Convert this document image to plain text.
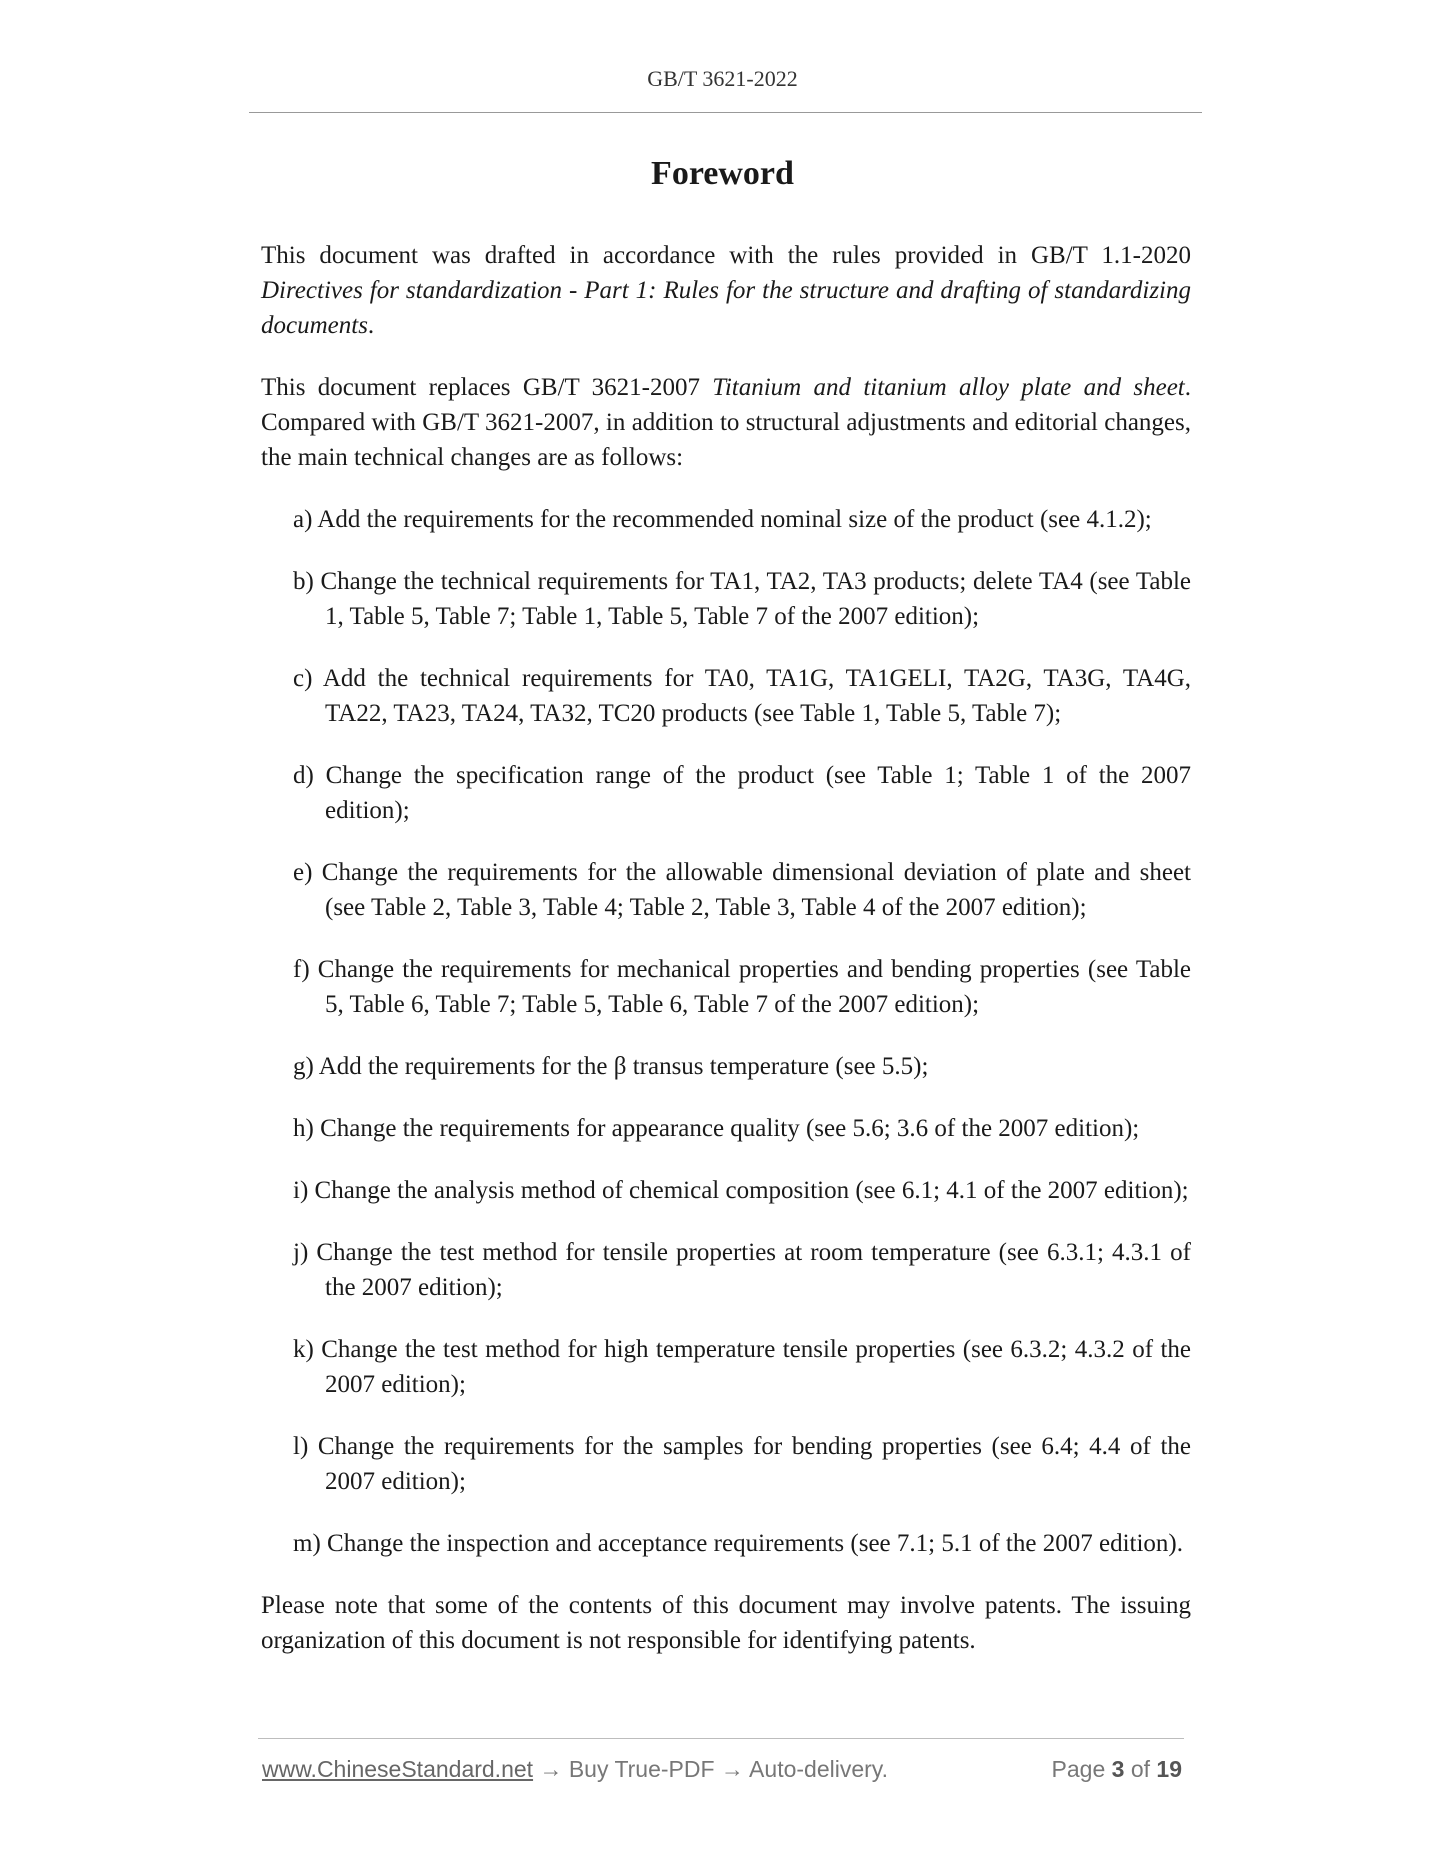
GB/T 3621-2022
Foreword

This document was drafted in accordance with the rules provided in GB/T 1.1-2020 Directives for standardization - Part 1: Rules for the structure and drafting of standardizing documents.

This document replaces GB/T 3621-2007 Titanium and titanium alloy plate and sheet. Compared with GB/T 3621-2007, in addition to structural adjustments and editorial changes, the main technical changes are as follows:

a) Add the requirements for the recommended nominal size of the product (see 4.1.2);

b) Change the technical requirements for TA1, TA2, TA3 products; delete TA4 (see Table 1, Table 5, Table 7; Table 1, Table 5, Table 7 of the 2007 edition);

c) Add the technical requirements for TA0, TA1G, TA1GELI, TA2G, TA3G, TA4G, TA22, TA23, TA24, TA32, TC20 products (see Table 1, Table 5, Table 7);

d) Change the specification range of the product (see Table 1; Table 1 of the 2007 edition);

e) Change the requirements for the allowable dimensional deviation of plate and sheet (see Table 2, Table 3, Table 4; Table 2, Table 3, Table 4 of the 2007 edition);

f) Change the requirements for mechanical properties and bending properties (see Table 5, Table 6, Table 7; Table 5, Table 6, Table 7 of the 2007 edition);

g) Add the requirements for the β transus temperature (see 5.5);

h) Change the requirements for appearance quality (see 5.6; 3.6 of the 2007 edition);

i) Change the analysis method of chemical composition (see 6.1; 4.1 of the 2007 edition);

j) Change the test method for tensile properties at room temperature (see 6.3.1; 4.3.1 of the 2007 edition);

k) Change the test method for high temperature tensile properties (see 6.3.2; 4.3.2 of the 2007 edition);

l) Change the requirements for the samples for bending properties (see 6.4; 4.4 of the 2007 edition);

m) Change the inspection and acceptance requirements (see 7.1; 5.1 of the 2007 edition).

Please note that some of the contents of this document may involve patents. The issuing organization of this document is not responsible for identifying patents.

www.ChineseStandard.net → Buy True-PDF → Auto-delivery.	Page 3 of 19
